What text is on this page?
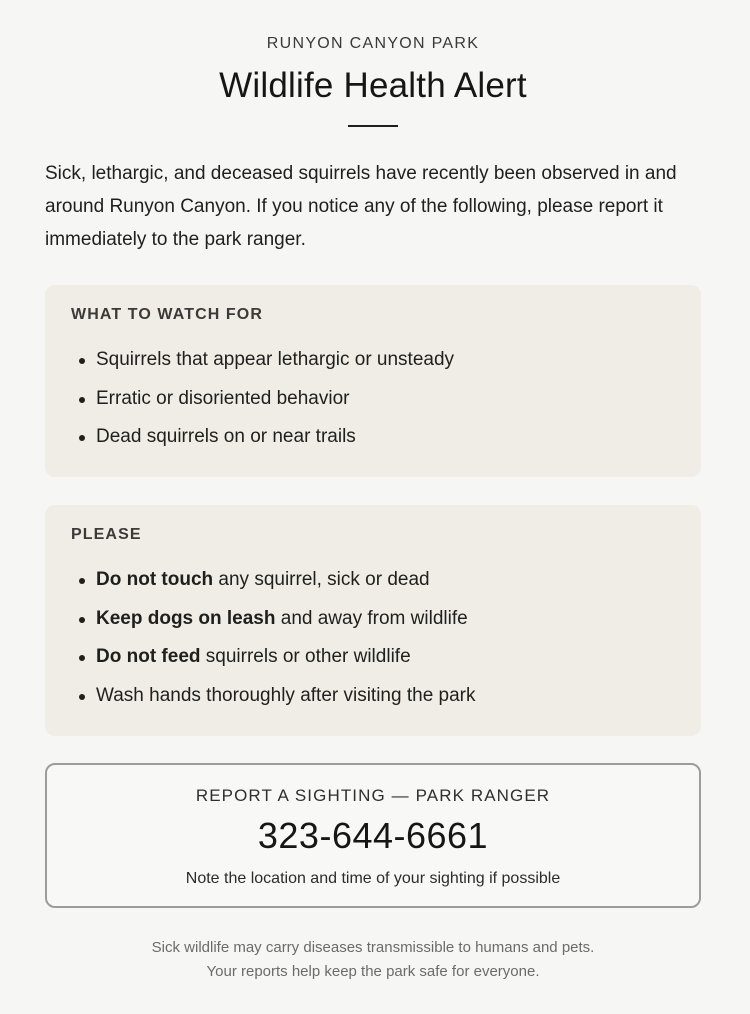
RUNYON CANYON PARK
Wildlife Health Alert

Sick, lethargic, and deceased squirrels have recently been observed in and around Runyon Canyon. If you notice any of the following, please report it immediately to the park ranger.

WHAT TO WATCH FOR
Squirrels that appear lethargic or unsteady
Erratic or disoriented behavior
Dead squirrels on or near trails
PLEASE
Do not touch any squirrel, sick or dead
Keep dogs on leash and away from wildlife
Do not feed squirrels or other wildlife
Wash hands thoroughly after visiting the park
REPORT A SIGHTING — PARK RANGER
323-644-6661
Note the location and time of your sighting if possible
Sick wildlife may carry diseases transmissible to humans and pets.
Your reports help keep the park safe for everyone.
